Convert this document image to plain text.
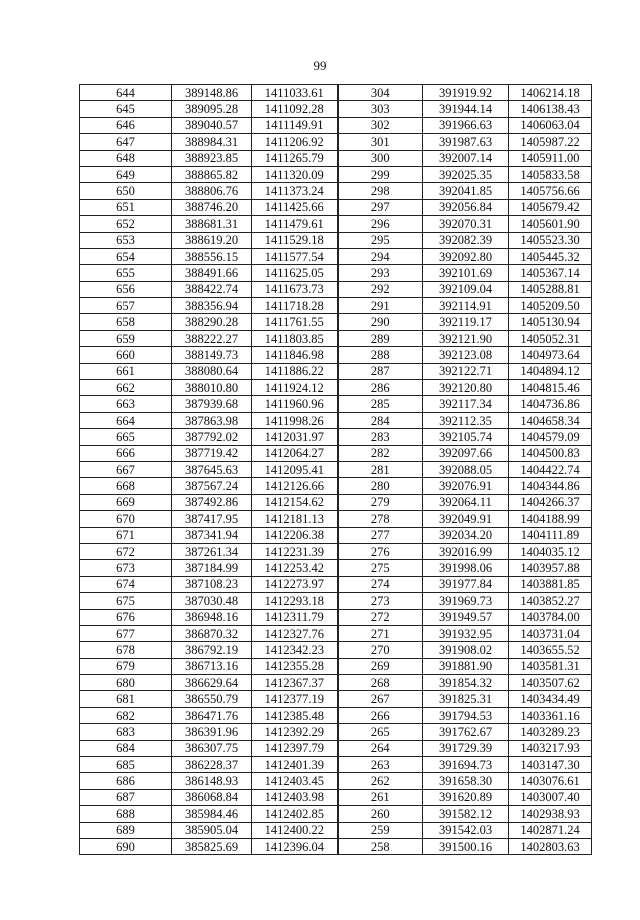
99
644	389148.86	1411033.61	304	391919.92	1406214.18
645	389095.28	1411092.28	303	391944.14	1406138.43
646	389040.57	1411149.91	302	391966.63	1406063.04
647	388984.31	1411206.92	301	391987.63	1405987.22
648	388923.85	1411265.79	300	392007.14	1405911.00
649	388865.82	1411320.09	299	392025.35	1405833.58
650	388806.76	1411373.24	298	392041.85	1405756.66
651	388746.20	1411425.66	297	392056.84	1405679.42
652	388681.31	1411479.61	296	392070.31	1405601.90
653	388619.20	1411529.18	295	392082.39	1405523.30
654	388556.15	1411577.54	294	392092.80	1405445.32
655	388491.66	1411625.05	293	392101.69	1405367.14
656	388422.74	1411673.73	292	392109.04	1405288.81
657	388356.94	1411718.28	291	392114.91	1405209.50
658	388290.28	1411761.55	290	392119.17	1405130.94
659	388222.27	1411803.85	289	392121.90	1405052.31
660	388149.73	1411846.98	288	392123.08	1404973.64
661	388080.64	1411886.22	287	392122.71	1404894.12
662	388010.80	1411924.12	286	392120.80	1404815.46
663	387939.68	1411960.96	285	392117.34	1404736.86
664	387863.98	1411998.26	284	392112.35	1404658.34
665	387792.02	1412031.97	283	392105.74	1404579.09
666	387719.42	1412064.27	282	392097.66	1404500.83
667	387645.63	1412095.41	281	392088.05	1404422.74
668	387567.24	1412126.66	280	392076.91	1404344.86
669	387492.86	1412154.62	279	392064.11	1404266.37
670	387417.95	1412181.13	278	392049.91	1404188.99
671	387341.94	1412206.38	277	392034.20	1404111.89
672	387261.34	1412231.39	276	392016.99	1404035.12
673	387184.99	1412253.42	275	391998.06	1403957.88
674	387108.23	1412273.97	274	391977.84	1403881.85
675	387030.48	1412293.18	273	391969.73	1403852.27
676	386948.16	1412311.79	272	391949.57	1403784.00
677	386870.32	1412327.76	271	391932.95	1403731.04
678	386792.19	1412342.23	270	391908.02	1403655.52
679	386713.16	1412355.28	269	391881.90	1403581.31
680	386629.64	1412367.37	268	391854.32	1403507.62
681	386550.79	1412377.19	267	391825.31	1403434.49
682	386471.76	1412385.48	266	391794.53	1403361.16
683	386391.96	1412392.29	265	391762.67	1403289.23
684	386307.75	1412397.79	264	391729.39	1403217.93
685	386228.37	1412401.39	263	391694.73	1403147.30
686	386148.93	1412403.45	262	391658.30	1403076.61
687	386068.84	1412403.98	261	391620.89	1403007.40
688	385984.46	1412402.85	260	391582.12	1402938.93
689	385905.04	1412400.22	259	391542.03	1402871.24
690	385825.69	1412396.04	258	391500.16	1402803.63
